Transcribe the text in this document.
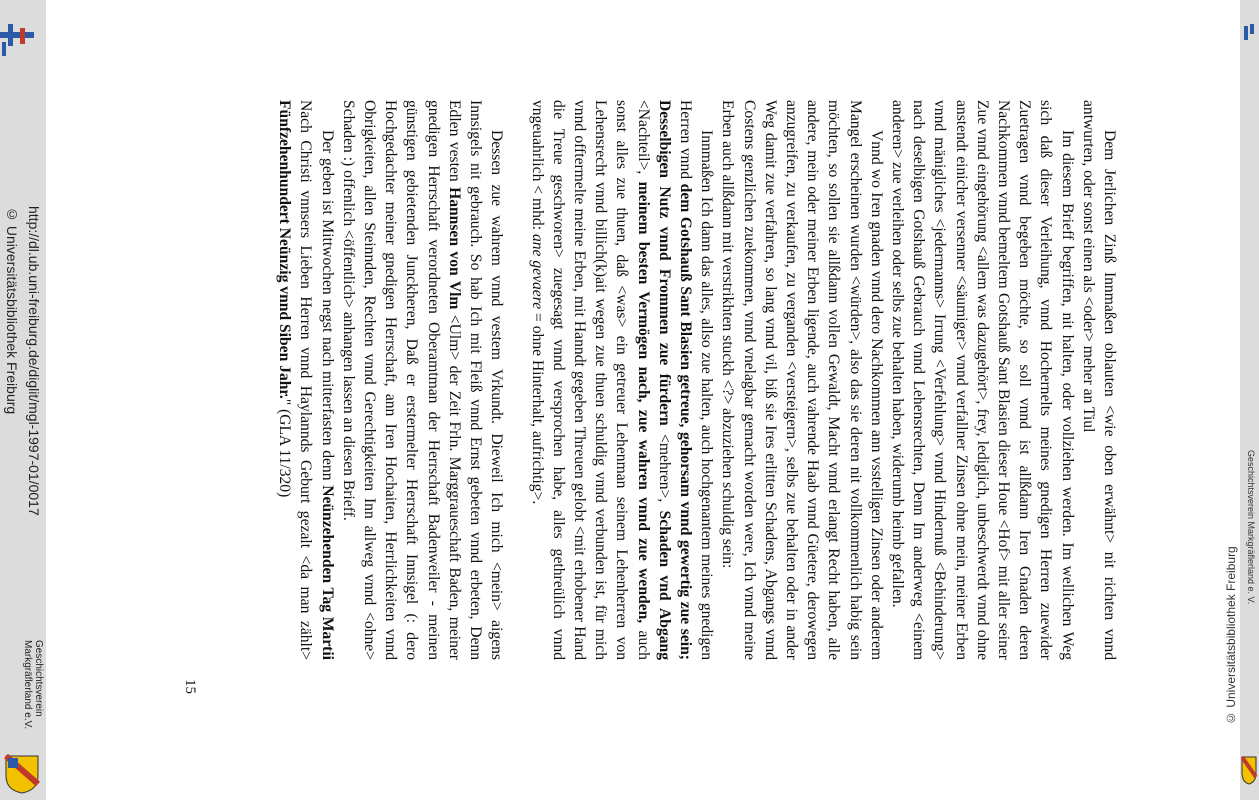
http://dl.ub.uni-freiburg.de/diglit/mgl-1997-01/0017
© Universitätsbibliothek Freiburg
Geschichtsverein
Markgräflerland e.V.
Geschichtsverein Markgräflerland e. V.
© Universitätsbibliothek Freiburg

Dem Jerlichen Zinß Innmaßen oblauten <wie oben erwähnt> nit richten vnnd antwurten, oder sonst einen als <oder> meher an Tiul

Im diesem Brieff begriffen, nit halten, oder vollziehen werden. Im wellichen Weg sich daß dieser Verleihung, vnnd Hochernelts meines gnedigen Herren zuewider Zuetragen vnnd begeben möchte, so soll vnnd ist allßdann Iren Gnaden deren Nachkommen vnnd bemeltem Gotshauß Sant Blasien dieser Houe <Hof> mit aller seiner Zue vnnd eingehörung <allem was dazugehört>, frey, lediglich, unbeschwerdt vnnd ohne anstendt einicher versenner <säumiger> vnnd verfallner Zinsen ohne mein, meiner Erben vnnd mänigliches <jedermanns> Irrung <Verfehlung> vnnd Hindernuß <Behinderung> nach deselbigen Gotshauß Gebrauch vnnd Lehensrechten, Denn Im anderweg <einem anderen> zue verleihen oder selbs zue behalten haben, widerumb heimb gefallen.

Vnnd wo Iren gnaden vnnd dero Nachkommen ann vsstelligen Zinsen oder anderem Mangel erscheinen wurden <würden>, also das sie deren nit vollkommenlich habig sein möchten, so sollen sie allßdann vollen Gewaldt, Macht vnnd erlangt Recht haben, alle andere, mein oder meiner Erben ligende, auch vahrende Haab vnnd Güetere, derowegen anzugreifen, zu verkaufen, zu verganden <versteigern>, selbs zue behalten oder in ander Weg damit zue verfahren, so lang vnnd vil, biß sie Ires erlitten Schadens, Abgangs vnnd Costens genzlichen zuekommen, vnnd vnelagbar gemacht worden were, Ich vnnd meine Erben auch allßdann mit verstrikhten stuckh <?> abzuziehen schuldig sein:

Innmaßen Ich dann das alles, allso zue halten, auch hochgenantem meines gnedigen Herren vnnd dem Gotshauß Sant Blasien getreue, gehorsam vnnd gewertig zue sein; Desselbigen Nutz vnnd Frommen zue fürdern <mehren>, Schaden vnd Abgang <Nachteil>, meinem besten Vermögen nach, zue wahren vnnd zue wenden, auch sonst alles zue thuen, daß <was> ein getreuer Lehenman seinem Lehenherren von Lehensrecht vnnd billich(k)ait wegen zue thuen schuldig vnnd verbunden ist, für mich vnnd offtermelte meine Erben, mit Hanndt gegeben Threuen gelobt <mit erhobener Hand die Treue geschworen> zuegesagt vnnd versprochen habe, alles gethreülich vnnd vngeuahrlich < mhd: ane gevaere = ohne Hinterhalt, aufrichtig>.

Dessen zue wahrem vnnd vestem Vrkundt. Dieweil Ich mich <mein> aigens Innsigels nit gebrauch. So hab Ich mit Fleiß vnnd Ernst gebeten vnnd erbeten, Denn Edlen vesten Hannsen von Vlm <Ulm> der Zeit Frln. Marggraueschaft Baden, meiner gnedigen Herrschaft verordneten Oberamtman der Herrschaft Badenweiler - meinen günstigen gebietenden Junckheren, Daß er erstermelter Herrschaft Innsigel (: dero Hochgedachter meiner gnedigen Herrschaft, ann Iren Hochaiten, Herrlichkeiten vnnd Obrigkeiten, allen Steinnden, Rechten vnnd Gerechtigkeiten Inn allweg vnnd <ohne> Schaden :) offenlich <öffentlich> anhangen lassen an diesen Brieff.

Der geben ist Mittwochen negst nach mitterfasten denn Neünzehenden Tag Martii Nach Christi vnnsers Lieben Herren vnnd Haylannds Geburt gezalt <da man zählt> Fünfzehenhundert Neünzig vnnd Siben Jahr." (GLA 11/320)

15
